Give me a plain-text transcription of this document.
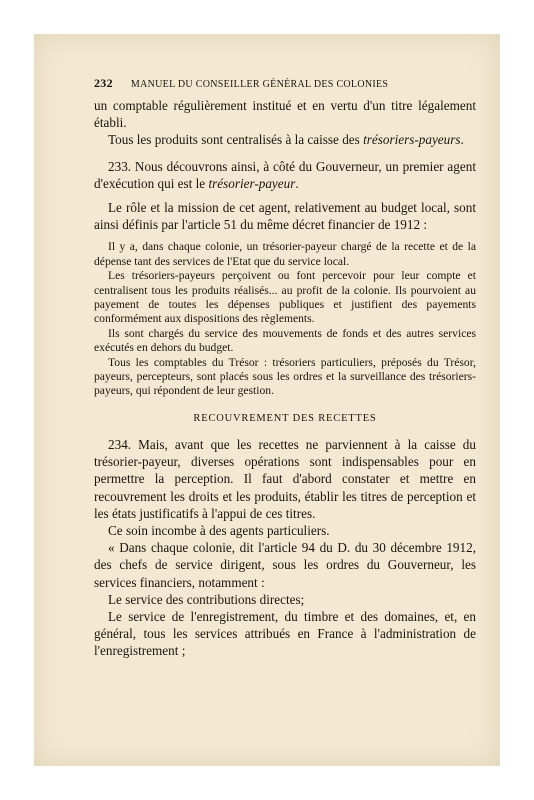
232 MANUEL DU CONSEILLER GÉNÉRAL DES COLONIES

un comptable régulièrement institué et en vertu d'un titre légalement établi.

Tous les produits sont centralisés à la caisse des trésoriers-payeurs.

233. Nous découvrons ainsi, à côté du Gouverneur, un premier agent d'exécution qui est le trésorier-payeur.

Le rôle et la mission de cet agent, relativement au budget local, sont ainsi définis par l'article 51 du même décret financier de 1912 :

Il y a, dans chaque colonie, un trésorier-payeur chargé de la recette et de la dépense tant des services de l'Etat que du service local.

Les trésoriers-payeurs perçoivent ou font percevoir pour leur compte et centralisent tous les produits réalisés... au profit de la colonie. Ils pourvoient au payement de toutes les dépenses publiques et justifient des payements conformément aux dispositions des règlements.

Ils sont chargés du service des mouvements de fonds et des autres services exécutés en dehors du budget.

Tous les comptables du Trésor : trésoriers particuliers, préposés du Trésor, payeurs, percepteurs, sont placés sous les ordres et la surveillance des trésoriers-payeurs, qui répondent de leur gestion.

RECOUVREMENT DES RECETTES

234. Mais, avant que les recettes ne parviennent à la caisse du trésorier-payeur, diverses opérations sont indispensables pour en permettre la perception. Il faut d'abord constater et mettre en recouvrement les droits et les produits, établir les titres de perception et les états justificatifs à l'appui de ces titres.

Ce soin incombe à des agents particuliers.

« Dans chaque colonie, dit l'article 94 du D. du 30 décembre 1912, des chefs de service dirigent, sous les ordres du Gouverneur, les services financiers, notamment :

Le service des contributions directes;

Le service de l'enregistrement, du timbre et des domaines, et, en général, tous les services attribués en France à l'administration de l'enregistrement ;
